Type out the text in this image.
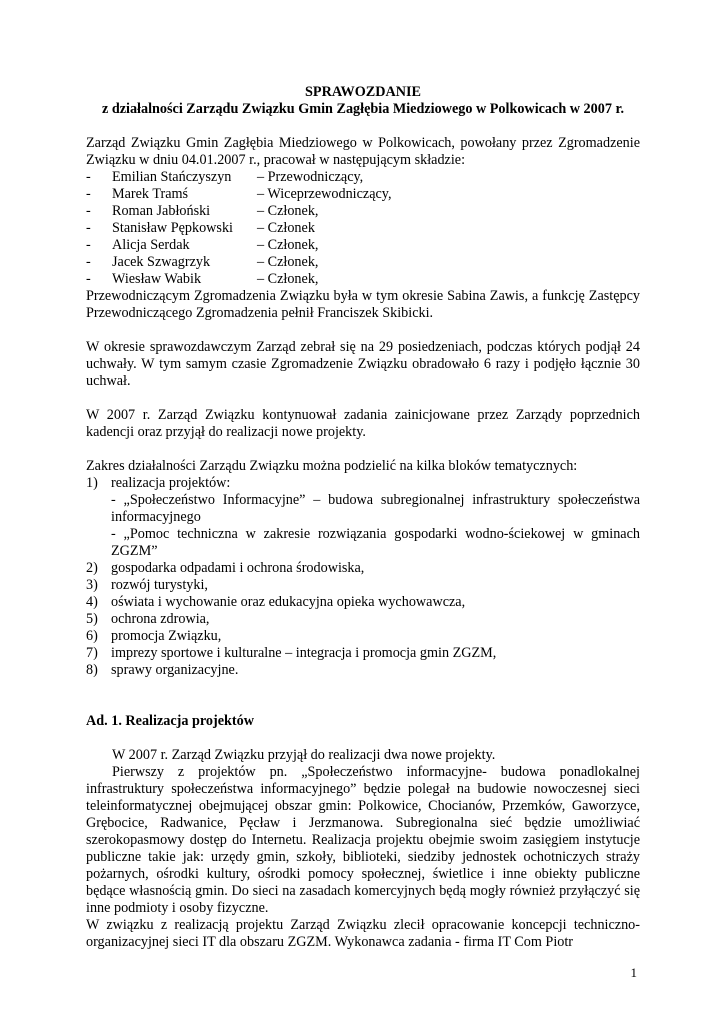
SPRAWOZDANIE

z działalności Zarządu Związku Gmin Zagłębia Miedziowego w Polkowicach w 2007 r.

Zarząd Związku Gmin Zagłębia Miedziowego w Polkowicach, powołany przez Zgromadzenie Związku w dniu 04.01.2007 r., pracował w następującym składzie:

-	Emilian Stańczyszyn	– Przewodniczący,
-	Marek Tramś	– Wiceprzewodniczący,
-	Roman Jabłoński	– Członek,
-	Stanisław Pępkowski	– Członek
-	Alicja Serdak	– Członek,
-	Jacek Szwagrzyk	– Członek,
-	Wiesław Wabik	– Członek,

Przewodniczącym Zgromadzenia Związku była w tym okresie Sabina Zawis, a funkcję Zastępcy Przewodniczącego Zgromadzenia pełnił Franciszek Skibicki.

W okresie sprawozdawczym Zarząd zebrał się na 29 posiedzeniach, podczas których podjął 24 uchwały. W tym samym czasie Zgromadzenie Związku obradowało 6 razy i podjęło łącznie 30 uchwał.

W 2007 r. Zarząd Związku kontynuował zadania zainicjowane przez Zarządy poprzednich kadencji oraz przyjął do realizacji nowe projekty.

Zakres działalności Zarządu Związku można podzielić na kilka bloków tematycznych:

1) realizacja projektów:
- „Społeczeństwo Informacyjne” – budowa subregionalnej infrastruktury społeczeństwa informacyjnego
- „Pomoc techniczna w zakresie rozwiązania gospodarki wodno-ściekowej w gminach ZGZM”
2) gospodarka odpadami i ochrona środowiska,
3) rozwój turystyki,
4) oświata i wychowanie oraz edukacyjna opieka wychowawcza,
5) ochrona zdrowia,
6) promocja Związku,
7) imprezy sportowe i kulturalne – integracja i promocja gmin ZGZM,
8) sprawy organizacyjne.

Ad. 1. Realizacja projektów

W 2007 r. Zarząd Związku przyjął do realizacji dwa nowe projekty.

Pierwszy z projektów pn. „Społeczeństwo informacyjne- budowa ponadlokalnej infrastruktury społeczeństwa informacyjnego” będzie polegał na budowie nowoczesnej sieci teleinformatycznej obejmującej obszar gmin: Polkowice, Chocianów, Przemków, Gaworzyce, Grębocice, Radwanice, Pęcław i Jerzmanowa. Subregionalna sieć będzie umożliwiać szerokopasmowy dostęp do Internetu. Realizacja projektu obejmie swoim zasięgiem instytucje publiczne takie jak: urzędy gmin, szkoły, biblioteki, siedziby jednostek ochotniczych straży pożarnych, ośrodki kultury, ośrodki pomocy społecznej, świetlice i inne obiekty publiczne będące własnością gmin. Do sieci na zasadach komercyjnych będą mogły również przyłączyć się inne podmioty i osoby fizyczne.

W związku z realizacją projektu Zarząd Związku zlecił opracowanie koncepcji techniczno-organizacyjnej sieci IT dla obszaru ZGZM. Wykonawca zadania - firma IT Com Piotr

1
